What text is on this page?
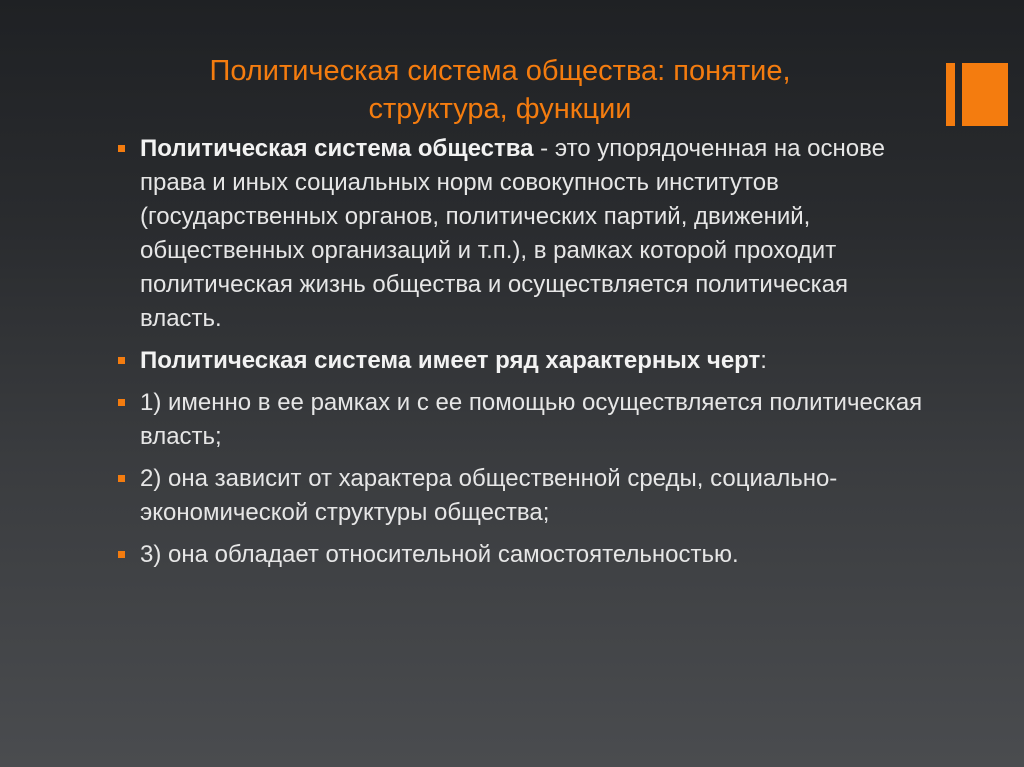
Политическая система общества: понятие,
структура, функции
Политическая система общества - это упорядоченная на основе права и иных социальных норм совокупность институтов (государственных органов, политических партий, движений, общественных организаций и т.п.), в рамках которой проходит политическая жизнь общества и осуществляется политическая власть.
Политическая система имеет ряд характерных черт:
1) именно в ее рамках и с ее помощью осуществляется политическая власть;
2) она зависит от характера общественной среды, социально-экономической структуры общества;
3) она обладает относительной самостоятельностью.
